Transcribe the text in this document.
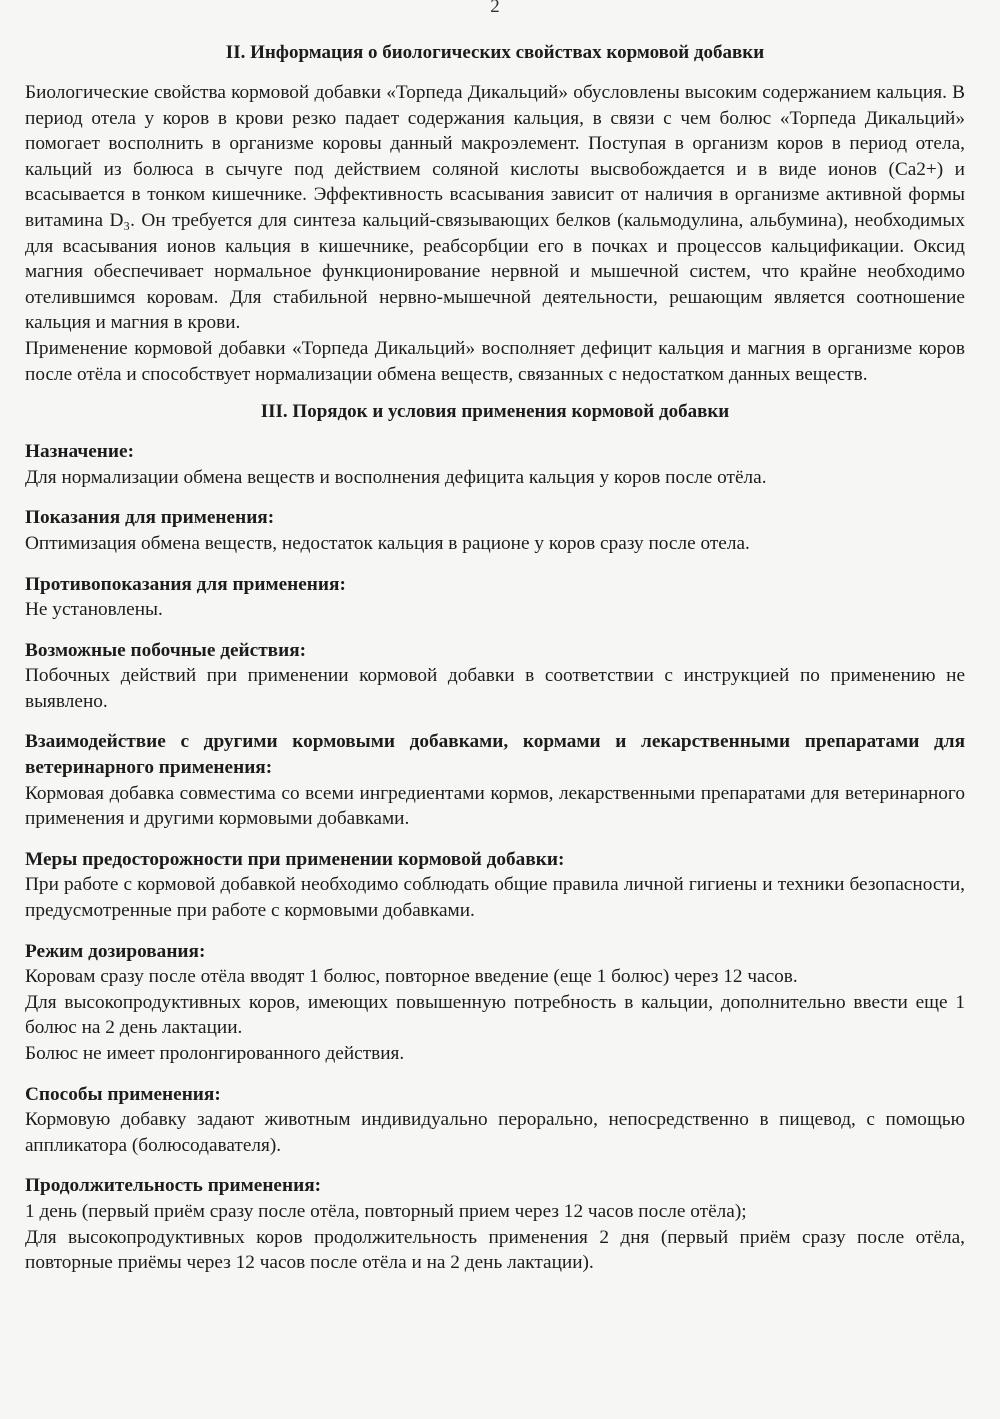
2
II. Информация о биологических свойствах кормовой добавки

Биологические свойства кормовой добавки «Торпеда Дикальций» обусловлены высоким содержанием кальция. В период отела у коров в крови резко падает содержания кальция, в связи с чем болюс «Торпеда Дикальций» помогает восполнить в организме коровы данный макроэлемент. Поступая в организм коров в период отела, кальций из болюса в сычуге под действием соляной кислоты высвобождается и в виде ионов (Ca2+) и всасывается в тонком кишечнике. Эффективность всасывания зависит от наличия в организме активной формы витамина D₃. Он требуется для синтеза кальций-связывающих белков (кальмодулина, альбумина), необходимых для всасывания ионов кальция в кишечнике, реабсорбции его в почках и процессов кальцификации. Оксид магния обеспечивает нормальное функционирование нервной и мышечной систем, что крайне необходимо отелившимся коровам. Для стабильной нервно-мышечной деятельности, решающим является соотношение кальция и магния в крови.

Применение кормовой добавки «Торпеда Дикальций» восполняет дефицит кальция и магния в организме коров после отёла и способствует нормализации обмена веществ, связанных с недостатком данных веществ.

III. Порядок и условия применения кормовой добавки
Назначение:

Для нормализации обмена веществ и восполнения дефицита кальция у коров после отёла.

Показания для применения:

Оптимизация обмена веществ, недостаток кальция в рационе у коров сразу после отела.

Противопоказания для применения:

Не установлены.

Возможные побочные действия:

Побочных действий при применении кормовой добавки в соответствии с инструкцией по применению не выявлено.

Взаимодействие с другими кормовыми добавками, кормами и лекарственными препаратами для ветеринарного применения:

Кормовая добавка совместима со всеми ингредиентами кормов, лекарственными препаратами для ветеринарного применения и другими кормовыми добавками.

Меры предосторожности при применении кормовой добавки:

При работе с кормовой добавкой необходимо соблюдать общие правила личной гигиены и техники безопасности, предусмотренные при работе с кормовыми добавками.

Режим дозирования:

Коровам сразу после отёла вводят 1 болюс, повторное введение (еще 1 болюс) через 12 часов.

Для высокопродуктивных коров, имеющих повышенную потребность в кальции, дополнительно ввести еще 1 болюс на 2 день лактации.

Болюс не имеет пролонгированного действия.

Способы применения:

Кормовую добавку задают животным индивидуально перорально, непосредственно в пищевод, с помощью аппликатора (болюсодавателя).

Продолжительность применения:

1 день (первый приём сразу после отёла, повторный прием через 12 часов после отёла);

Для высокопродуктивных коров продолжительность применения 2 дня (первый приём сразу после отёла, повторные приёмы через 12 часов после отёла и на 2 день лактации).
